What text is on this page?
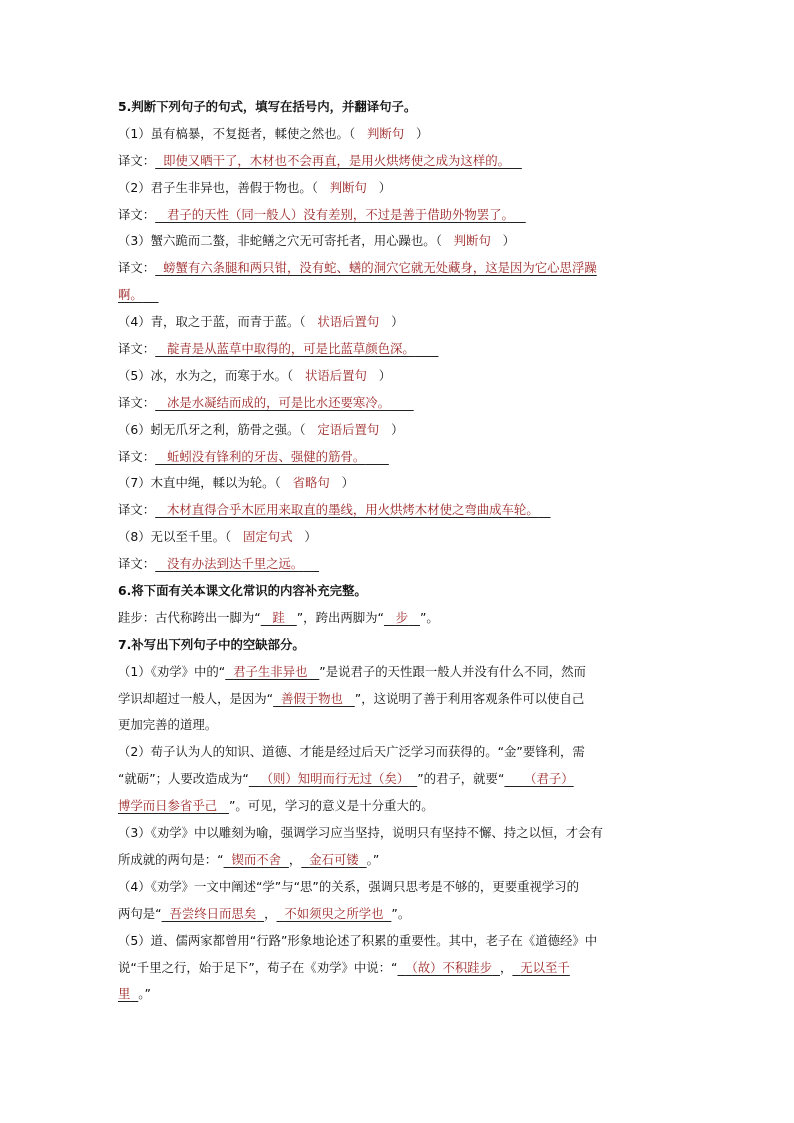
5.判断下列句子的句式，填写在括号内，并翻译句子。
（1）虽有槁暴，不复挺者，輮使之然也。（ 判断句 ）
译文： 即使又晒干了，木材也不会再直，是用火烘烤使之成为这样的。
（2）君子生非异也，善假于物也。（ 判断句 ）
译文： 君子的天性（同一般人）没有差别，不过是善于借助外物罢了。
（3）蟹六跪而二螯，非蛇鳝之穴无可寄托者，用心躁也。（ 判断句 ）
译文： 螃蟹有六条腿和两只钳，没有蛇、蟮的洞穴它就无处藏身，这是因为它心思浮躁
啊。
（4）青，取之于蓝，而青于蓝。（ 状语后置句 ）
译文： 靛青是从蓝草中取得的，可是比蓝草颜色深。
（5）冰，水为之，而寒于水。（ 状语后置句 ）
译文： 冰是水凝结而成的，可是比水还要寒冷。
（6）蚓无爪牙之利，筋骨之强。（ 定语后置句 ）
译文： 蚯蚓没有锋利的牙齿、强健的筋骨。
（7）木直中绳，輮以为轮。（ 省略句 ）
译文： 木材直得合乎木匠用来取直的墨线，用火烘烤木材使之弯曲成车轮。
（8）无以至千里。（ 固定句式 ）
译文： 没有办法到达千里之远。
6.将下面有关本课文化常识的内容补充完整。
跬步：古代称跨出一脚为“ 跬 ”，跨出两脚为“ 步 ”。
7.补写出下列句子中的空缺部分。
（1）《劝学》中的“ 君子生非异也 ”是说君子的天性跟一般人并没有什么不同，然而
学识却超过一般人，是因为“ 善假于物也 ”，这说明了善于利用客观条件可以使自己
更加完善的道理。
（2）荀子认为人的知识、道德、才能是经过后天广泛学习而获得的。“金”要锋利，需
“就砺”；人要改造成为“ （则）知明而行无过（矣） ”的君子，就要“ （君子）
博学而日参省乎己 ”。可见，学习的意义是十分重大的。
（3）《劝学》中以雕刻为喻，强调学习应当坚持，说明只有坚持不懈、持之以恒，才会有
所成就的两句是：“ 锲而不舍 ， 金石可镂 。”
（4）《劝学》一文中阐述“学”与“思”的关系，强调只思考是不够的，更要重视学习的
两句是“ 吾尝终日而思矣 ， 不如须臾之所学也 ”。
（5）道、儒两家都曾用“行路”形象地论述了积累的重要性。其中，老子在《道德经》中
说“千里之行，始于足下”，荀子在《劝学》中说：“ （故）不积跬步 ， 无以至千
里 。”
